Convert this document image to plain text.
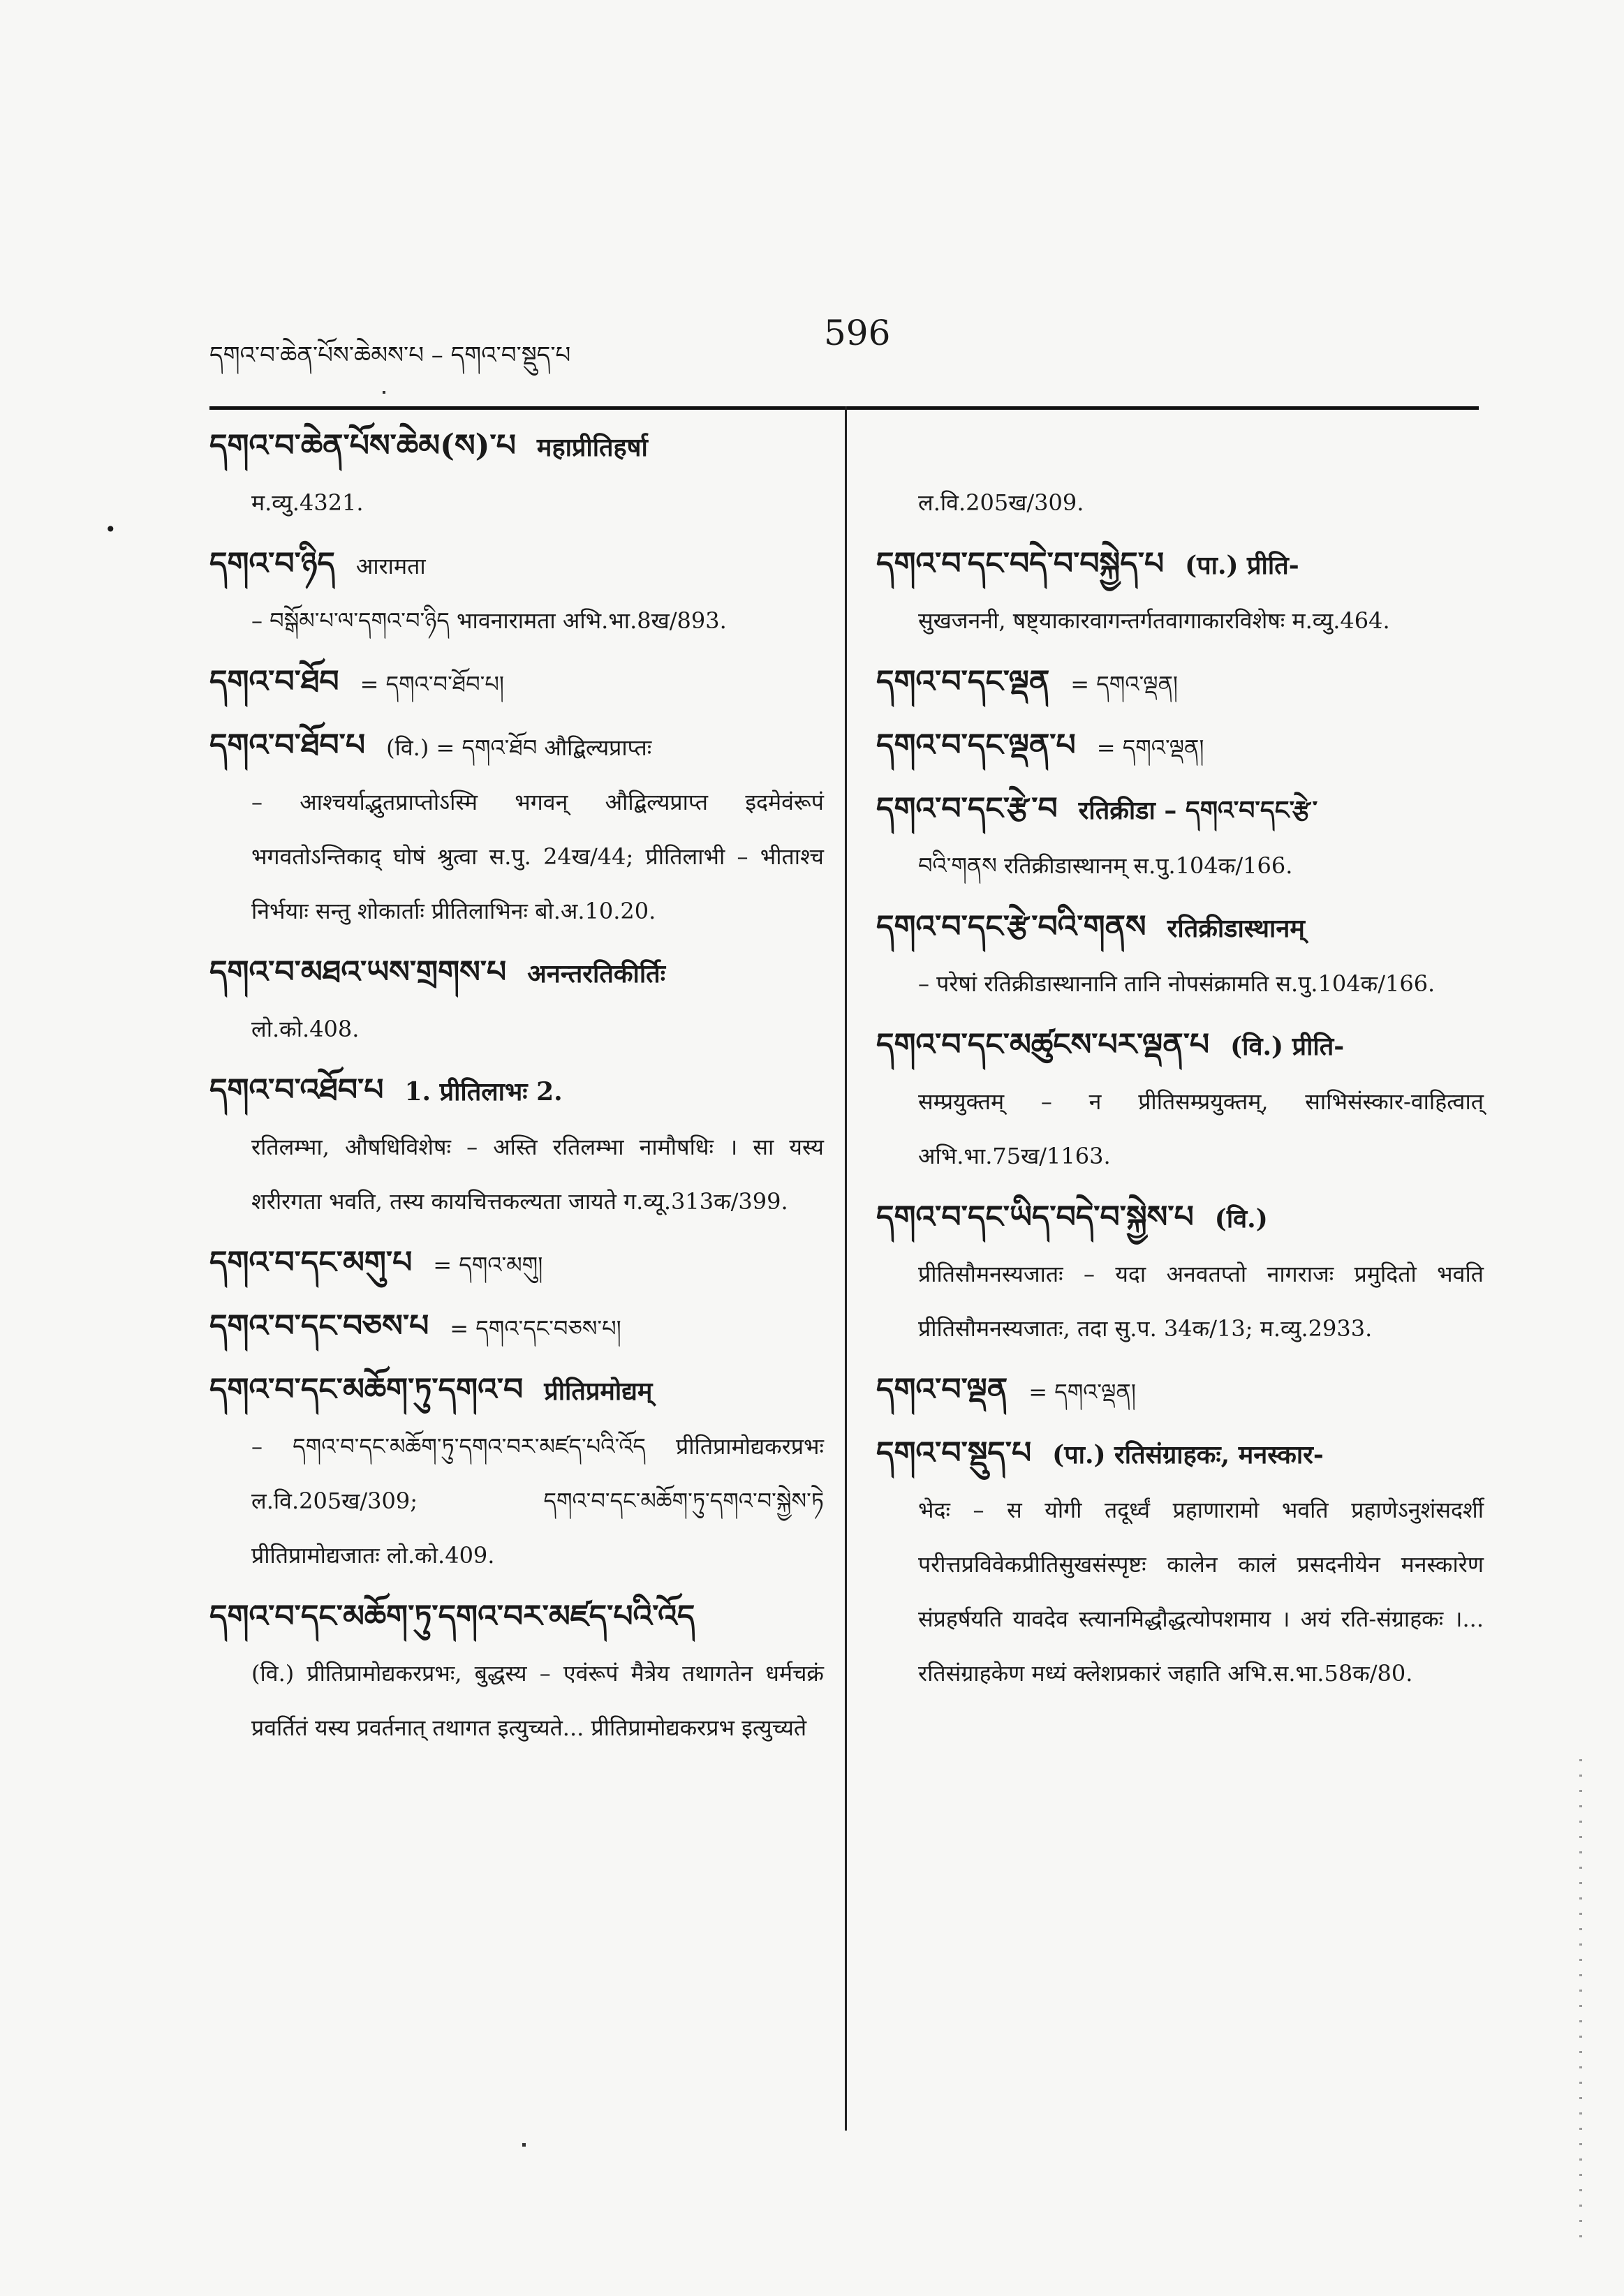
དགའ་བ་ཆེན་པོས་ཆེམས་པ – དགའ་བ་སྡུད་པ
596
•
དགའ་བ་ཆེན་པོས་ཆེམ(ས)་པ महाप्रीतिहर्षा
म.व्यु.4321.
དགའ་བ་ཉིད आरामता
– བསྒོམ་པ་ལ་དགའ་བ་ཉིད भावनारामता अभि.भा.8ख/893.
དགའ་བ་ཐོབ = དགའ་བ་ཐོབ་པ།
དགའ་བ་ཐོབ་པ (वि.) = དགའ་ཐོབ औद्बिल्यप्राप्तः
– आश्चर्याद्भुतप्राप्तोऽस्मि भगवन् औद्बिल्यप्राप्त इदमेवंरूपं भगवतोऽन्तिकाद् घोषं श्रुत्वा स.पु. 24ख/44; प्रीतिलाभी – भीताश्च निर्भयाः सन्तु शोकार्ताः प्रीतिलाभिनः बो.अ.10.20.
དགའ་བ་མཐའ་ཡས་གྲགས་པ अनन्तरतिकीर्तिः
लो.को.408.
དགའ་བ་འཐོབ་པ 1. प्रीतिलाभः 2.
रतिलम्भा, औषधिविशेषः – अस्ति रतिलम्भा नामौषधिः । सा यस्य शरीरगता भवति, तस्य कायचित्तकल्यता जायते ग.व्यू.313क/399.
དགའ་བ་དང་མགུ་པ = དགའ་མགུ།
དགའ་བ་དང་བཅས་པ = དགའ་དང་བཅས་པ།
དགའ་བ་དང་མཆོག་ཏུ་དགའ་བ प्रीतिप्रमोद्यम्
– དགའ་བ་དང་མཆོག་ཏུ་དགའ་བར་མཛད་པའི་འོད प्रीतिप्रामोद्यकरप्रभः ल.वि.205ख/309; དགའ་བ་དང་མཆོག་ཏུ་དགའ་བ་སྐྱེས་ཏེ प्रीतिप्रामोद्यजातः लो.को.409.
དགའ་བ་དང་མཆོག་ཏུ་དགའ་བར་མཛད་པའི་འོད
(वि.) प्रीतिप्रामोद्यकरप्रभः, बुद्धस्य – एवंरूपं मैत्रेय तथागतेन धर्मचक्रं प्रवर्तितं यस्य प्रवर्तनात् तथागत इत्युच्यते... प्रीतिप्रामोद्यकरप्रभ इत्युच्यते
ल.वि.205ख/309.
དགའ་བ་དང་བདེ་བ་བསྐྱེད་པ (पा.) प्रीति-
सुखजननी, षष्ट्याकारवागन्तर्गतवागाकारविशेषः म.व्यु.464.
དགའ་བ་དང་ལྡན = དགའ་ལྡན།
དགའ་བ་དང་ལྡན་པ = དགའ་ལྡན།
དགའ་བ་དང་རྩེ་བ रतिक्रीडा – དགའ་བ་དང་རྩེ་
བའི་གནས रतिक्रीडास्थानम् स.पु.104क/166.
དགའ་བ་དང་རྩེ་བའི་གནས रतिक्रीडास्थानम्
– परेषां रतिक्रीडास्थानानि तानि नोपसंक्रामति स.पु.104क/166.
དགའ་བ་དང་མཚུངས་པར་ལྡན་པ (वि.) प्रीति-
सम्प्रयुक्तम् – न प्रीतिसम्प्रयुक्तम्, साभिसंस्कार-वाहित्वात् अभि.भा.75ख/1163.
དགའ་བ་དང་ཡིད་བདེ་བ་སྐྱེས་པ (वि.)
प्रीतिसौमनस्यजातः – यदा अनवतप्तो नागराजः प्रमुदितो भवति प्रीतिसौमनस्यजातः, तदा सु.प. 34क/13; म.व्यु.2933.
དགའ་བ་ལྡན = དགའ་ལྡན།
དགའ་བ་སྡུད་པ (पा.) रतिसंग्राहकः, मनस्कार-
भेदः – स योगी तदूर्ध्वं प्रहाणारामो भवति प्रहाणेऽनुशंसदर्शी परीत्तप्रविवेकप्रीतिसुखसंस्पृष्टः कालेन कालं प्रसदनीयेन मनस्कारेण संप्रहर्षयति यावदेव स्त्यानमिद्धौद्धत्योपशमाय । अयं रति-संग्राहकः ।... रतिसंग्राहकेण मध्यं क्लेशप्रकारं जहाति अभि.स.भा.58क/80.
